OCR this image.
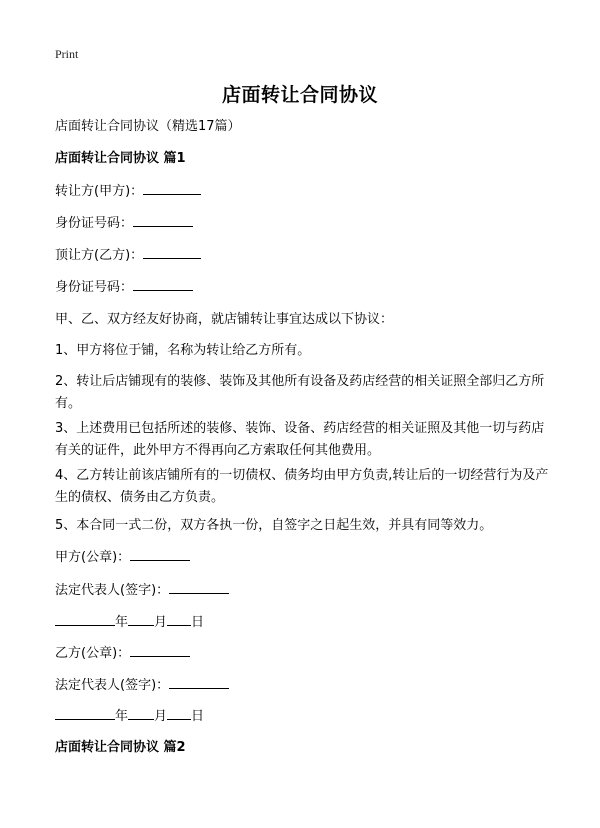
Print
店面转让合同协议
店面转让合同协议（精选17篇）
店面转让合同协议 篇1
转让方(甲方)：
身份证号码：
顶让方(乙方)：
身份证号码：
甲、乙、双方经友好协商，就店铺转让事宜达成以下协议：
1、甲方将位于铺，名称为转让给乙方所有。
2、转让后店铺现有的装修、装饰及其他所有设备及药店经营的相关证照全部归乙方所有。
3、上述费用已包括所述的装修、装饰、设备、药店经营的相关证照及其他一切与药店有关的证件，此外甲方不得再向乙方索取任何其他费用。
4、乙方转让前该店铺所有的一切债权、债务均由甲方负责,转让后的一切经营行为及产生的债权、债务由乙方负责。
5、本合同一式二份，双方各执一份，自签字之日起生效，并具有同等效力。
甲方(公章)：
法定代表人(签字)：
年 月 日
乙方(公章)：
法定代表人(签字)：
年 月 日
店面转让合同协议 篇2
